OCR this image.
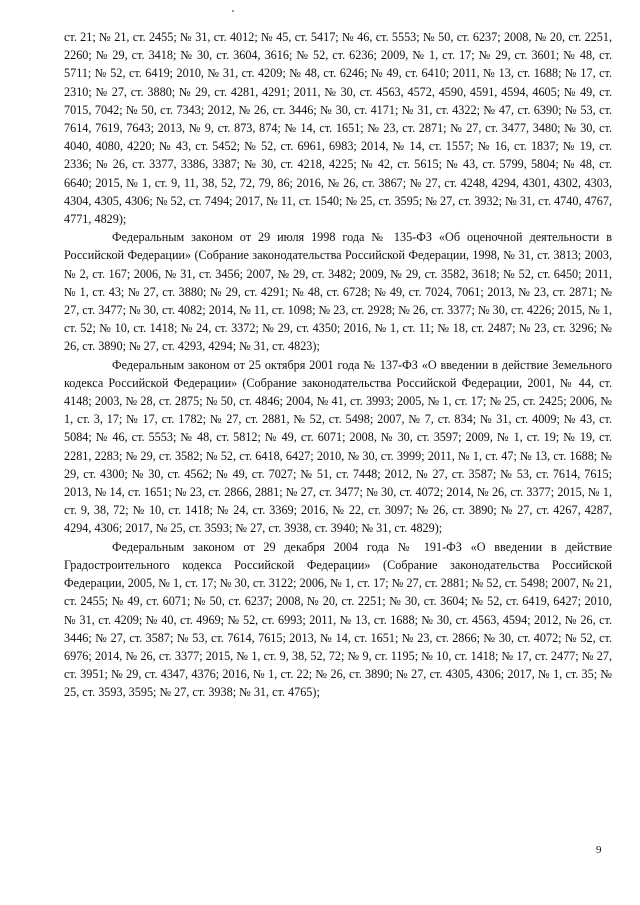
ст. 21; № 21, ст. 2455; № 31, ст. 4012; № 45, ст. 5417; № 46, ст. 5553; № 50, ст. 6237; 2008, № 20, ст. 2251, 2260; № 29, ст. 3418; № 30, ст. 3604, 3616; № 52, ст. 6236; 2009, № 1, ст. 17; № 29, ст. 3601; № 48, ст. 5711; № 52, ст. 6419; 2010, № 31, ст. 4209; № 48, ст. 6246; № 49, ст. 6410; 2011, № 13, ст. 1688; № 17, ст. 2310; № 27, ст. 3880; № 29, ст. 4281, 4291; 2011, № 30, ст. 4563, 4572, 4590, 4591, 4594, 4605; № 49, ст. 7015, 7042; № 50, ст. 7343; 2012, № 26, ст. 3446; № 30, ст. 4171; № 31, ст. 4322; № 47, ст. 6390; № 53, ст. 7614, 7619, 7643; 2013, № 9, ст. 873, 874; № 14, ст. 1651; № 23, ст. 2871; № 27, ст. 3477, 3480; № 30, ст. 4040, 4080, 4220; № 43, ст. 5452; № 52, ст. 6961, 6983; 2014, № 14, ст. 1557; № 16, ст. 1837; № 19, ст. 2336; № 26, ст. 3377, 3386, 3387; № 30, ст. 4218, 4225; № 42, ст. 5615; № 43, ст. 5799, 5804; № 48, ст. 6640; 2015, № 1, ст. 9, 11, 38, 52, 72, 79, 86; 2016, № 26, ст. 3867; № 27, ст. 4248, 4294, 4301, 4302, 4303, 4304, 4305, 4306; № 52, ст. 7494; 2017, № 11, ст. 1540; № 25, ст. 3595; № 27, ст. 3932; № 31, ст. 4740, 4767, 4771, 4829);

Федеральным законом от 29 июля 1998 года № 135-ФЗ «Об оценочной деятельности в Российской Федерации» (Собрание законодательства Российской Федерации, 1998, № 31, ст. 3813; 2003, № 2, ст. 167; 2006, № 31, ст. 3456; 2007, № 29, ст. 3482; 2009, № 29, ст. 3582, 3618; № 52, ст. 6450; 2011, № 1, ст. 43; № 27, ст. 3880; № 29, ст. 4291; № 48, ст. 6728; № 49, ст. 7024, 7061; 2013, № 23, ст. 2871; № 27, ст. 3477; № 30, ст. 4082; 2014, № 11, ст. 1098; № 23, ст. 2928; № 26, ст. 3377; № 30, ст. 4226; 2015, № 1, ст. 52; № 10, ст. 1418; № 24, ст. 3372; № 29, ст. 4350; 2016, № 1, ст. 11; № 18, ст. 2487; № 23, ст. 3296; № 26, ст. 3890; № 27, ст. 4293, 4294; № 31, ст. 4823);

Федеральным законом от 25 октября 2001 года № 137-ФЗ «О введении в действие Земельного кодекса Российской Федерации» (Собрание законодательства Российской Федерации, 2001, № 44, ст. 4148; 2003, № 28, ст. 2875; № 50, ст. 4846; 2004, № 41, ст. 3993; 2005, № 1, ст. 17; № 25, ст. 2425; 2006, № 1, ст. 3, 17; № 17, ст. 1782; № 27, ст. 2881, № 52, ст. 5498; 2007, № 7, ст. 834; № 31, ст. 4009; № 43, ст. 5084; № 46, ст. 5553; № 48, ст. 5812; № 49, ст. 6071; 2008, № 30, ст. 3597; 2009, № 1, ст. 19; № 19, ст. 2281, 2283; № 29, ст. 3582; № 52, ст. 6418, 6427; 2010, № 30, ст. 3999; 2011, № 1, ст. 47; № 13, ст. 1688; № 29, ст. 4300; № 30, ст. 4562; № 49, ст. 7027; № 51, ст. 7448; 2012, № 27, ст. 3587; № 53, ст. 7614, 7615; 2013, № 14, ст. 1651; № 23, ст. 2866, 2881; № 27, ст. 3477; № 30, ст. 4072; 2014, № 26, ст. 3377; 2015, № 1, ст. 9, 38, 72; № 10, ст. 1418; № 24, ст. 3369; 2016, № 22, ст. 3097; № 26, ст. 3890; № 27, ст. 4267, 4287, 4294, 4306; 2017, № 25, ст. 3593; № 27, ст. 3938, ст. 3940; № 31, ст. 4829);

Федеральным законом от 29 декабря 2004 года № 191-ФЗ «О введении в действие Градостроительного кодекса Российской Федерации» (Собрание законодательства Российской Федерации, 2005, № 1, ст. 17; № 30, ст. 3122; 2006, № 1, ст. 17; № 27, ст. 2881; № 52, ст. 5498; 2007, № 21, ст. 2455; № 49, ст. 6071; № 50, ст. 6237; 2008, № 20, ст. 2251; № 30, ст. 3604; № 52, ст. 6419, 6427; 2010, № 31, ст. 4209; № 40, ст. 4969; № 52, ст. 6993; 2011, № 13, ст. 1688; № 30, ст. 4563, 4594; 2012, № 26, ст. 3446; № 27, ст. 3587; № 53, ст. 7614, 7615; 2013, № 14, ст. 1651; № 23, ст. 2866; № 30, ст. 4072; № 52, ст. 6976; 2014, № 26, ст. 3377; 2015, № 1, ст. 9, 38, 52, 72; № 9, ст. 1195; № 10, ст. 1418; № 17, ст. 2477; № 27, ст. 3951; № 29, ст. 4347, 4376; 2016, № 1, ст. 22; № 26, ст. 3890; № 27, ст. 4305, 4306; 2017, № 1, ст. 35; № 25, ст. 3593, 3595; № 27, ст. 3938; № 31, ст. 4765);

9
